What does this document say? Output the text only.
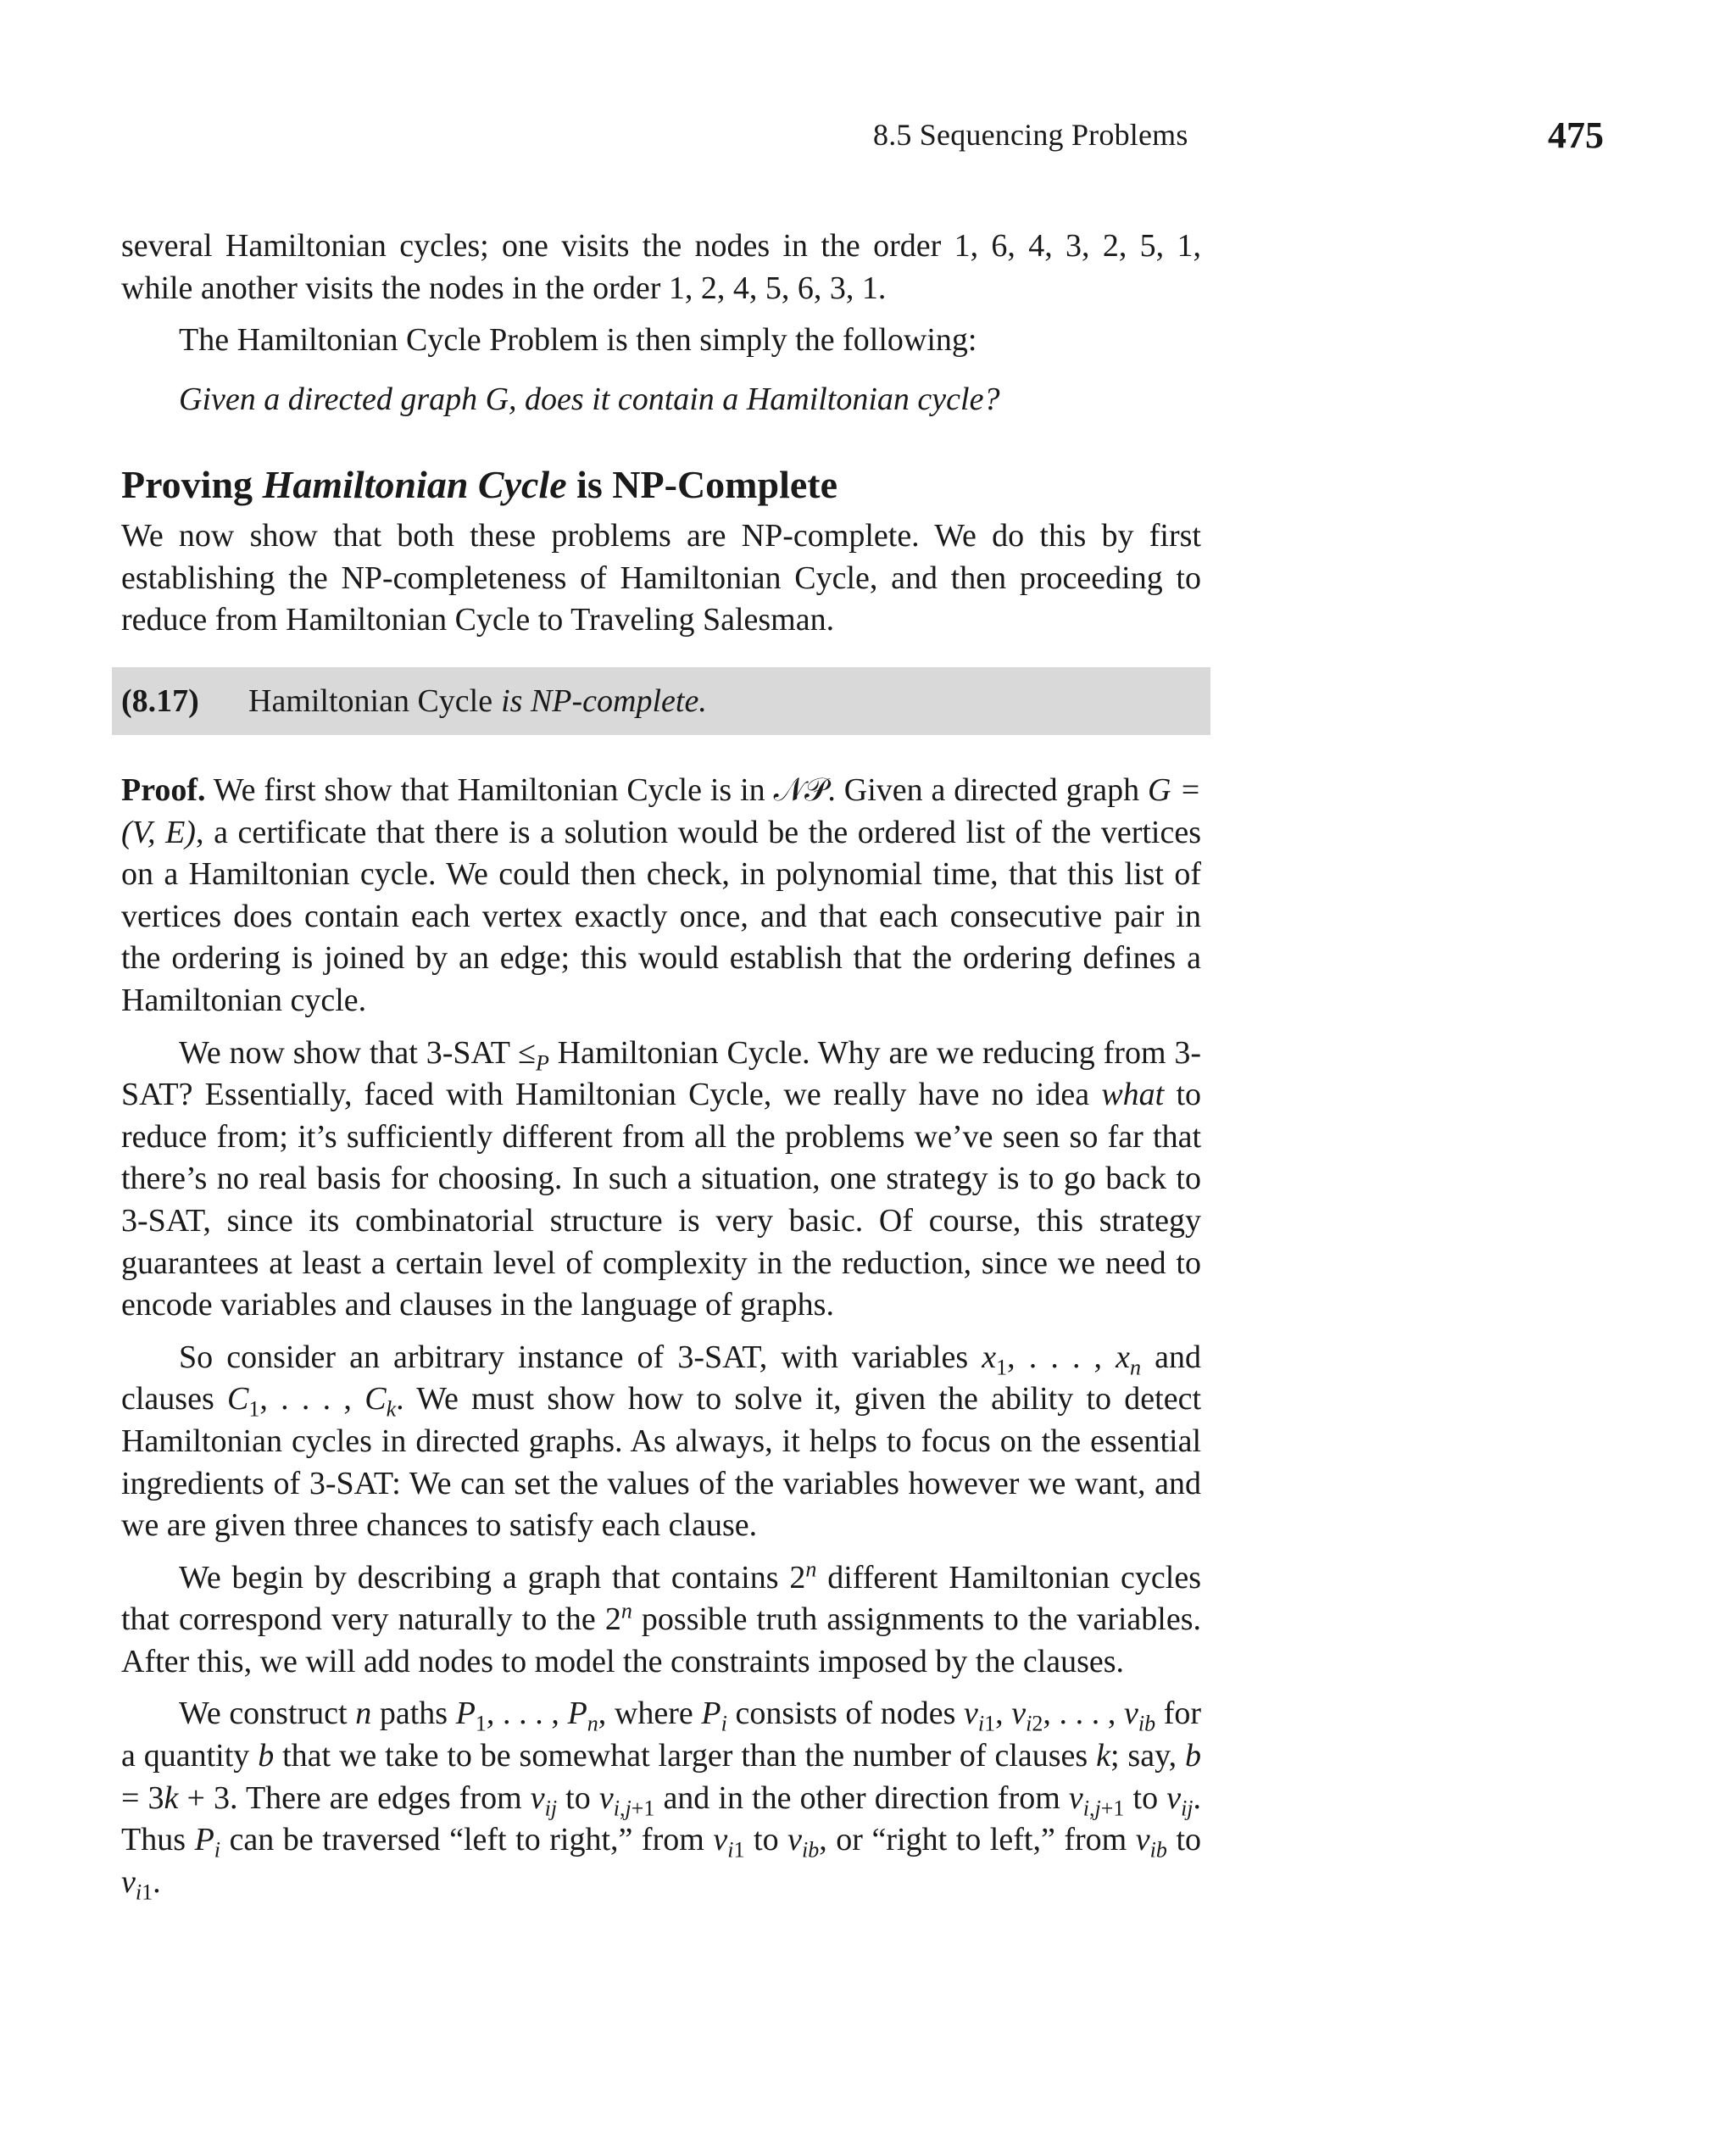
8.5 Sequencing Problems	475

several Hamiltonian cycles; one visits the nodes in the order 1, 6, 4, 3, 2, 5, 1, while another visits the nodes in the order 1, 2, 4, 5, 6, 3, 1.

The Hamiltonian Cycle Problem is then simply the following:

Given a directed graph G, does it contain a Hamiltonian cycle?

Proving Hamiltonian Cycle is NP-Complete

We now show that both these problems are NP-complete. We do this by first establishing the NP-completeness of Hamiltonian Cycle, and then proceeding to reduce from Hamiltonian Cycle to Traveling Salesman.

(8.17)	Hamiltonian Cycle is NP-complete.

Proof. We first show that Hamiltonian Cycle is in 𝒩𝒫. Given a directed graph G = (V, E), a certificate that there is a solution would be the ordered list of the vertices on a Hamiltonian cycle. We could then check, in polynomial time, that this list of vertices does contain each vertex exactly once, and that each consecutive pair in the ordering is joined by an edge; this would establish that the ordering defines a Hamiltonian cycle.

We now show that $3-SAT \le_P$ Hamiltonian Cycle. Why are we reducing from 3-SAT? Essentially, faced with Hamiltonian Cycle, we really have no idea what to reduce from; it’s sufficiently different from all the problems we’ve seen so far that there’s no real basis for choosing. In such a situation, one strategy is to go back to 3-SAT, since its combinatorial structure is very basic. Of course, this strategy guarantees at least a certain level of complexity in the reduction, since we need to encode variables and clauses in the language of graphs.

So consider an arbitrary instance of 3-SAT, with variables $x_1$, . . . , $x_n$ and clauses $C_1$, . . . , $C_k$. We must show how to solve it, given the ability to detect Hamiltonian cycles in directed graphs. As always, it helps to focus on the essential ingredients of 3-SAT: We can set the values of the variables however we want, and we are given three chances to satisfy each clause.

We begin by describing a graph that contains 2$^n$ different Hamiltonian cycles that correspond very naturally to the 2$^n$ possible truth assignments to the variables. After this, we will add nodes to model the constraints imposed by the clauses.

We construct n paths $P_1$, . . . , $P_n$, where $P_i$ consists of nodes $v_{i1}$, $v_{i2}$, . . . , $v_{ib}$ for a quantity b that we take to be somewhat larger than the number of clauses k; say, b = 3k + 3. There are edges from $v_{ij}$ to $v_{i,j+1}$ and in the other direction from $v_{i,j+1}$ to $v_{ij}$. Thus $P_i$ can be traversed “left to right,” from $v_{i1}$ to $v_{ib}$, or “right to left,” from $v_{ib}$ to $v_{i1}$.
